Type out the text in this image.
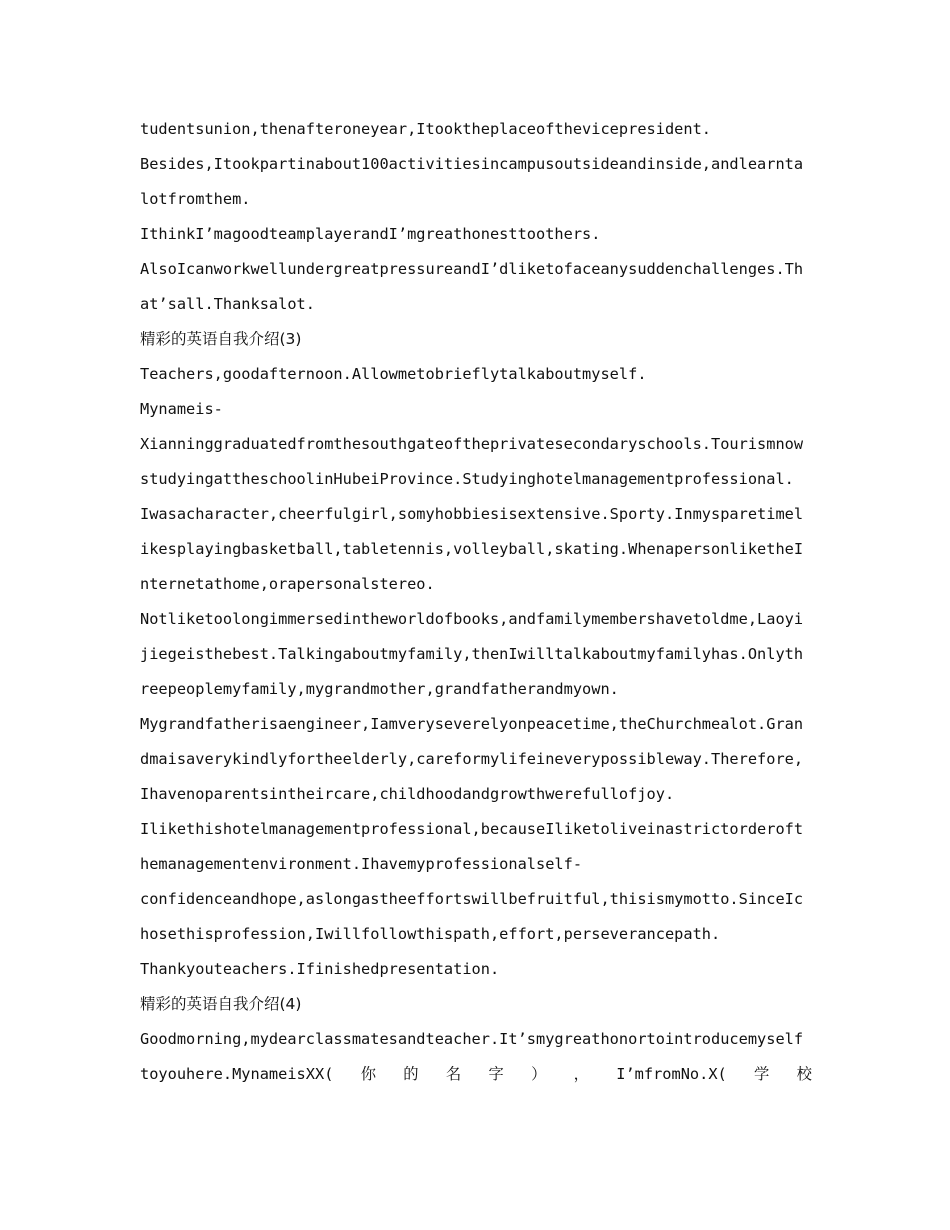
tudentsunion,thenafteroneyear,Itooktheplaceofthevicepresident.

Besides,Itookpartinabout100activitiesincampusoutsideandinside,andlearnta

lotfromthem.

IthinkI’magoodteamplayerandI’mgreathonesttoothers.

AlsoIcanworkwellundergreatpressureandI’dliketofaceanysuddenchallenges.Th

at’sall.Thanksalot.

精彩的英语自我介绍(3)

Teachers,goodafternoon.Allowmetobrieflytalkaboutmyself.

Mynameis-

Xianninggraduatedfromthesouthgateoftheprivatesecondaryschools.Tourismnow

studyingattheschoolinHubeiProvince.Studyinghotelmanagementprofessional.

Iwasacharacter,cheerfulgirl,somyhobbiesisextensive.Sporty.Inmysparetimel

ikesplayingbasketball,tabletennis,volleyball,skating.WhenapersonliketheI

nternetathome,orapersonalstereo.

Notliketoolongimmersedintheworldofbooks,andfamilymembershavetoldme,Laoyi

jiegeisthebest.Talkingaboutmyfamily,thenIwilltalkaboutmyfamilyhas.Onlyth

reepeoplemyfamily,mygrandmother,grandfatherandmyown.

Mygrandfatherisaengineer,Iamveryseverelyonpeacetime,theChurchmealot.Gran

dmaisaverykindlyfortheelderly,careformylifeineverypossibleway.Therefore,

Ihavenoparentsintheircare,childhoodandgrowthwerefullofjoy.

Ilikethishotelmanagementprofessional,becauseIliketoliveinastrictorderoft

hemanagementenvironment.Ihavemyprofessionalself-

confidenceandhope,aslongastheeffortswillbefruitful,thisismymotto.SinceIc

hosethisprofession,Iwillfollowthispath,effort,perseverancepath.

Thankyouteachers.Ifinishedpresentation.

精彩的英语自我介绍(4)

Goodmorning,mydearclassmatesandteacher.It’smygreathonortointroducemyself

toyouhere.MynameisXX( 你 的 名 字 ） ， I’mfromNo.X( 学 校
